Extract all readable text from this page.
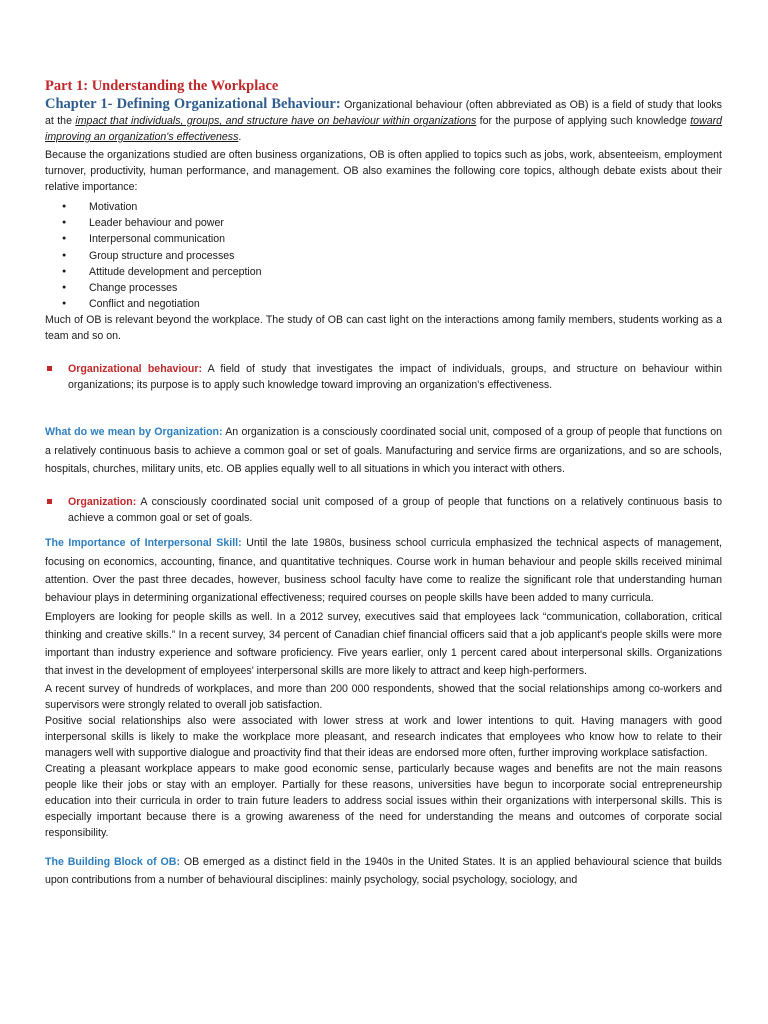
Part 1: Understanding the Workplace

Chapter 1- Defining Organizational Behaviour: Organizational behaviour (often abbreviated as OB) is a field of study that looks at the impact that individuals, groups, and structure have on behaviour within organizations for the purpose of applying such knowledge toward improving an organization's effectiveness.

Because the organizations studied are often business organizations, OB is often applied to topics such as jobs, work, absenteeism, employment turnover, productivity, human performance, and management. OB also examines the following core topics, although debate exists about their relative importance:

● Motivation
● Leader behaviour and power
● Interpersonal communication
● Group structure and processes
● Attitude development and perception
● Change processes
● Conflict and negotiation

Much of OB is relevant beyond the workplace. The study of OB can cast light on the interactions among family members, students working as a team and so on.

Organizational behaviour: A field of study that investigates the impact of individuals, groups, and structure on behaviour within organizations; its purpose is to apply such knowledge toward improving an organization's effectiveness.

What do we mean by Organization: An organization is a consciously coordinated social unit, composed of a group of people that functions on a relatively continuous basis to achieve a common goal or set of goals. Manufacturing and service firms are organizations, and so are schools, hospitals, churches, military units, etc. OB applies equally well to all situations in which you interact with others.

Organization: A consciously coordinated social unit composed of a group of people that functions on a relatively continuous basis to achieve a common goal or set of goals.

The Importance of Interpersonal Skill: Until the late 1980s, business school curricula emphasized the technical aspects of management, focusing on economics, accounting, finance, and quantitative techniques. Course work in human behaviour and people skills received minimal attention. Over the past three decades, however, business school faculty have come to realize the significant role that understanding human behaviour plays in determining organizational effectiveness; required courses on people skills have been added to many curricula.

Employers are looking for people skills as well. In a 2012 survey, executives said that employees lack “communication, collaboration, critical thinking and creative skills.” In a recent survey, 34 percent of Canadian chief financial officers said that a job applicant's people skills were more important than industry experience and software proficiency. Five years earlier, only 1 percent cared about interpersonal skills. Organizations that invest in the development of employees' interpersonal skills are more likely to attract and keep high-performers.

A recent survey of hundreds of workplaces, and more than 200 000 respondents, showed that the social relationships among co-workers and supervisors were strongly related to overall job satisfaction.

Positive social relationships also were associated with lower stress at work and lower intentions to quit. Having managers with good interpersonal skills is likely to make the workplace more pleasant, and research indicates that employees who know how to relate to their managers well with supportive dialogue and proactivity find that their ideas are endorsed more often, further improving workplace satisfaction.

Creating a pleasant workplace appears to make good economic sense, particularly because wages and benefits are not the main reasons people like their jobs or stay with an employer. Partially for these reasons, universities have begun to incorporate social entrepreneurship education into their curricula in order to train future leaders to address social issues within their organizations with interpersonal skills. This is especially important because there is a growing awareness of the need for understanding the means and outcomes of corporate social responsibility.

The Building Block of OB: OB emerged as a distinct field in the 1940s in the United States. It is an applied behavioural science that builds upon contributions from a number of behavioural disciplines: mainly psychology, social psychology, sociology, and
